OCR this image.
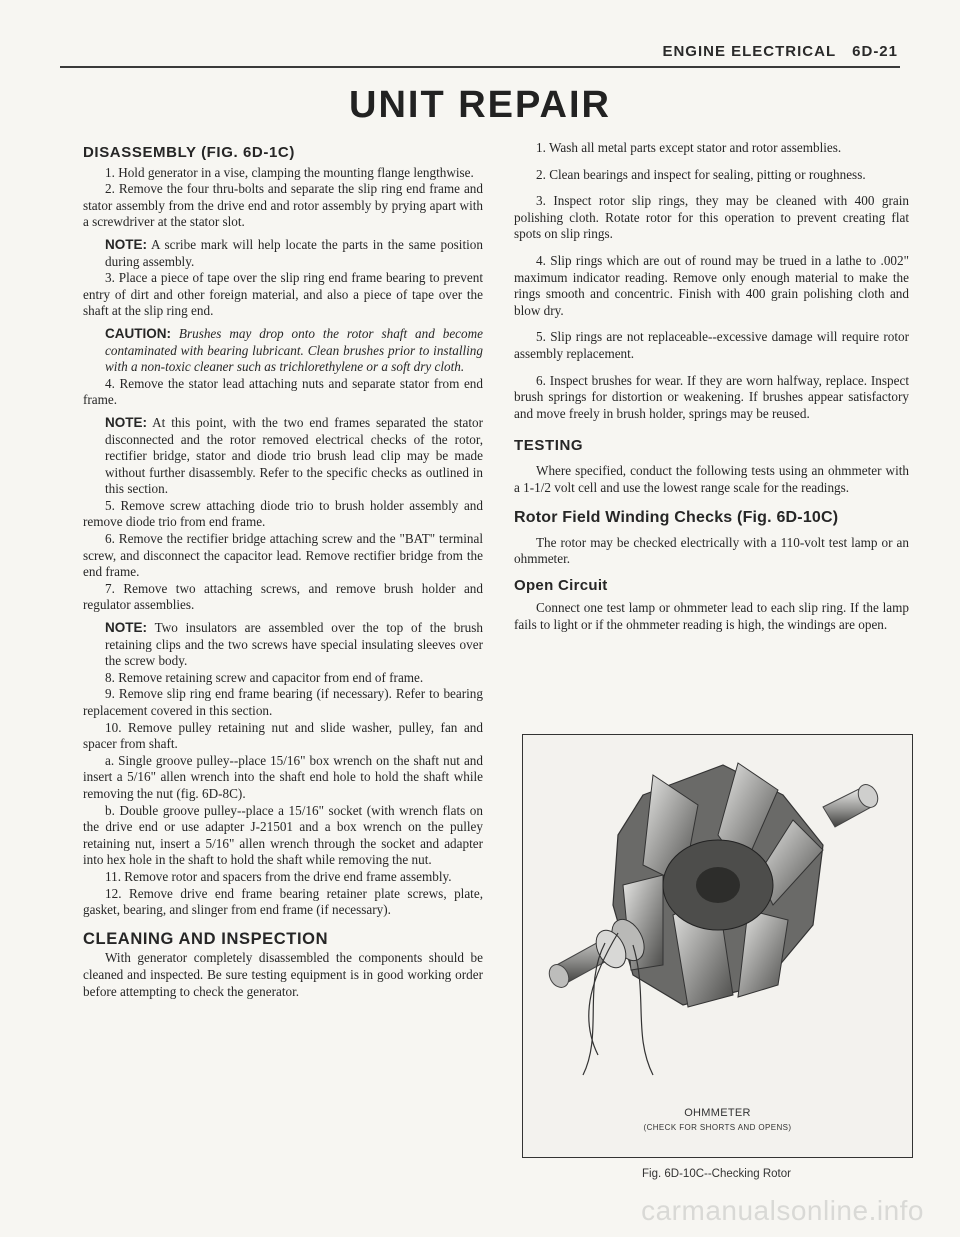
ENGINE ELECTRICAL 6D-21
UNIT REPAIR
DISASSEMBLY (FIG. 6D-1C)

1. Hold generator in a vise, clamping the mounting flange lengthwise.

2. Remove the four thru-bolts and separate the slip ring end frame and stator assembly from the drive end and rotor assembly by prying apart with a screwdriver at the stator slot.

NOTE: A scribe mark will help locate the parts in the same position during assembly.

3. Place a piece of tape over the slip ring end frame bearing to prevent entry of dirt and other foreign material, and also a piece of tape over the shaft at the slip ring end.

CAUTION: Brushes may drop onto the rotor shaft and become contaminated with bearing lubricant. Clean brushes prior to installing with a non-toxic cleaner such as trichlorethylene or a soft dry cloth.

4. Remove the stator lead attaching nuts and separate stator from end frame.

NOTE: At this point, with the two end frames separated the stator disconnected and the rotor removed electrical checks of the rotor, rectifier bridge, stator and diode trio brush lead clip may be made without further disassembly. Refer to the specific checks as outlined in this section.

5. Remove screw attaching diode trio to brush holder assembly and remove diode trio from end frame.

6. Remove the rectifier bridge attaching screw and the "BAT" terminal screw, and disconnect the capacitor lead. Remove rectifier bridge from the end frame.

7. Remove two attaching screws, and remove brush holder and regulator assemblies.

NOTE: Two insulators are assembled over the top of the brush retaining clips and the two screws have special insulating sleeves over the screw body.

8. Remove retaining screw and capacitor from end of frame.

9. Remove slip ring end frame bearing (if necessary). Refer to bearing replacement covered in this section.

10. Remove pulley retaining nut and slide washer, pulley, fan and spacer from shaft.

a. Single groove pulley--place 15/16" box wrench on the shaft nut and insert a 5/16" allen wrench into the shaft end hole to hold the shaft while removing the nut (fig. 6D-8C).

b. Double groove pulley--place a 15/16" socket (with wrench flats on the drive end or use adapter J-21501 and a box wrench on the pulley retaining nut, insert a 5/16" allen wrench through the socket and adapter into hex hole in the shaft to hold the shaft while removing the nut.

11. Remove rotor and spacers from the drive end frame assembly.

12. Remove drive end frame bearing retainer plate screws, plate, gasket, bearing, and slinger from end frame (if necessary).

CLEANING AND INSPECTION

With generator completely disassembled the components should be cleaned and inspected. Be sure testing equipment is in good working order before attempting to check the generator.

1. Wash all metal parts except stator and rotor assemblies.

2. Clean bearings and inspect for sealing, pitting or roughness.

3. Inspect rotor slip rings, they may be cleaned with 400 grain polishing cloth. Rotate rotor for this operation to prevent creating flat spots on slip rings.

4. Slip rings which are out of round may be trued in a lathe to .002" maximum indicator reading. Remove only enough material to make the rings smooth and concentric. Finish with 400 grain polishing cloth and blow dry.

5. Slip rings are not replaceable--excessive damage will require rotor assembly replacement.

6. Inspect brushes for wear. If they are worn halfway, replace. Inspect brush springs for distortion or weakening. If brushes appear satisfactory and move freely in brush holder, springs may be reused.

TESTING

Where specified, conduct the following tests using an ohmmeter with a 1-1/2 volt cell and use the lowest range scale for the readings.

Rotor Field Winding Checks (Fig. 6D-10C)

The rotor may be checked electrically with a 110-volt test lamp or an ohmmeter.

Open Circuit

Connect one test lamp or ohmmeter lead to each slip ring. If the lamp fails to light or if the ohmmeter reading is high, the windings are open.

OHMMETER
(CHECK FOR SHORTS AND OPENS)
Fig. 6D-10C--Checking Rotor
carmanualsonline.info
